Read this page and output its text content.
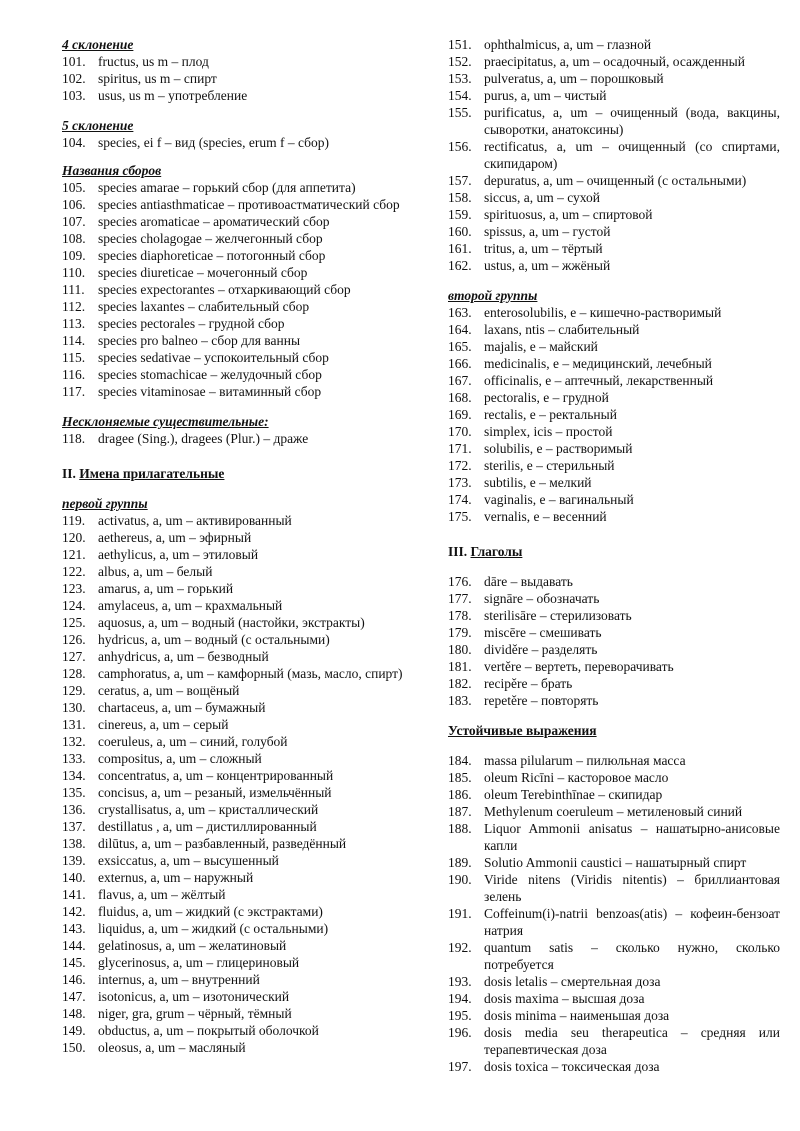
4 склонение
101. fructus, us m – плод
102. spiritus, us m – спирт
103. usus, us m – употребление
5 склонение
104. species, ei f – вид (species, erum f – сбор)
Названия сборов
105. species amarae – горький сбор (для аппетита)
106. species antiasthmaticae – противоастматический сбор
107. species aromaticae – ароматический сбор
108. species cholagogae – желчегонный сбор
109. species diaphoreticae – потогонный сбор
110. species diureticae – мочегонный сбор
111. species expectorantes – отхаркивающий сбор
112. species laxantes – слабительный сбор
113. species pectorales – грудной сбор
114. species pro balneo – сбор для ванны
115. species sedativae – успокоительный сбор
116. species stomachicae – желудочный сбор
117. species vitaminosae – витаминный сбор
Несклоняемые существительные:
118. dragee (Sing.), dragees (Plur.) – драже
II. Имена прилагательные
первой группы
119. activatus, a, um – активированный
120. aethereus, a, um – эфирный
121. aethylicus, a, um – этиловый
122. albus, a, um – белый
123. amarus, a, um – горький
124. amylaceus, a, um – крахмальный
125. aquosus, a, um – водный (настойки, экстракты)
126. hydricus, a, um – водный (с остальными)
127. anhydricus, a, um – безводный
128. camphoratus, a, um – камфорный (мазь, масло, спирт)
129. ceratus, a, um – вощёный
130. chartaceus, a, um – бумажный
131. cinereus, a, um – серый
132. coeruleus, a, um – синий, голубой
133. compositus, a, um – сложный
134. concentratus, a, um – концентрированный
135. concisus, a, um – резаный, измельчённый
136. crystallisatus, a, um – кристаллический
137. destillatus , a, um – дистиллированный
138. dilūtus, a, um – разбавленный, разведённый
139. exsiccatus, a, um – высушенный
140. externus, a, um – наружный
141. flavus, a, um – жёлтый
142. fluidus, a, um – жидкий (с экстрактами)
143. liquidus, a, um – жидкий (с остальными)
144. gelatinosus, a, um – желатиновый
145. glycerinosus, a, um – глицериновый
146. internus, a, um – внутренний
147. isotonicus, a, um – изотонический
148. niger, gra, grum – чёрный, тёмный
149. obductus, a, um – покрытый оболочкой
150. oleosus, a, um – масляный
151. ophthalmicus, a, um – глазной
152. praecipitatus, a, um – осадочный, осажденный
153. pulveratus, a, um – порошковый
154. purus, a, um – чистый
155. purificatus, a, um – очищенный (вода, вакцины, сыворотки, анатоксины)
156. rectificatus, a, um – очищенный (со спиртами, скипидаром)
157. depuratus, a, um – очищенный (с остальными)
158. siccus, a, um – сухой
159. spirituosus, a, um – спиртовой
160. spissus, a, um – густой
161. tritus, a, um – тёртый
162. ustus, a, um – жжёный
второй группы
163. enterosolubilis, e – кишечно-растворимый
164. laxans, ntis – слабительный
165. majalis, e – майский
166. medicinalis, e – медицинский, лечебный
167. officinalis, e – аптечный, лекарственный
168. pectoralis, e – грудной
169. rectalis, e – ректальный
170. simplex, icis – простой
171. solubilis, e – растворимый
172. sterilis, e – стерильный
173. subtilis, e – мелкий
174. vaginalis, e – вагинальный
175. vernalis, e – весенний
III. Глаголы
176. dāre – выдавать
177. signāre – обозначать
178. sterilisāre – стерилизовать
179. miscēre – смешивать
180. dividěre – разделять
181. vertěre – вертеть, переворачивать
182. recipěre – брать
183. repetěre – повторять
Устойчивые выражения
184. massa pilularum – пилюльная масса
185. oleum Ricīni – касторовое масло
186. oleum Terebinthīnae – скипидар
187. Methylenum coeruleum – метиленовый синий
188. Liquor Ammonii anisatus – нашатырно-анисовые капли
189. Solutio Ammonii caustici – нашатырный спирт
190. Viride nitens (Viridis nitentis) – бриллиантовая зелень
191. Coffeinum(i)-natrii benzoas(atis) – кофеин-бензоат натрия
192. quantum satis – сколько нужно, сколько потребуется
193. dosis letalis – смертельная доза
194. dosis maxima – высшая доза
195. dosis minima – наименьшая доза
196. dosis media seu therapeutica – средняя или терапевтическая доза
197. dosis toxica – токсическая доза
